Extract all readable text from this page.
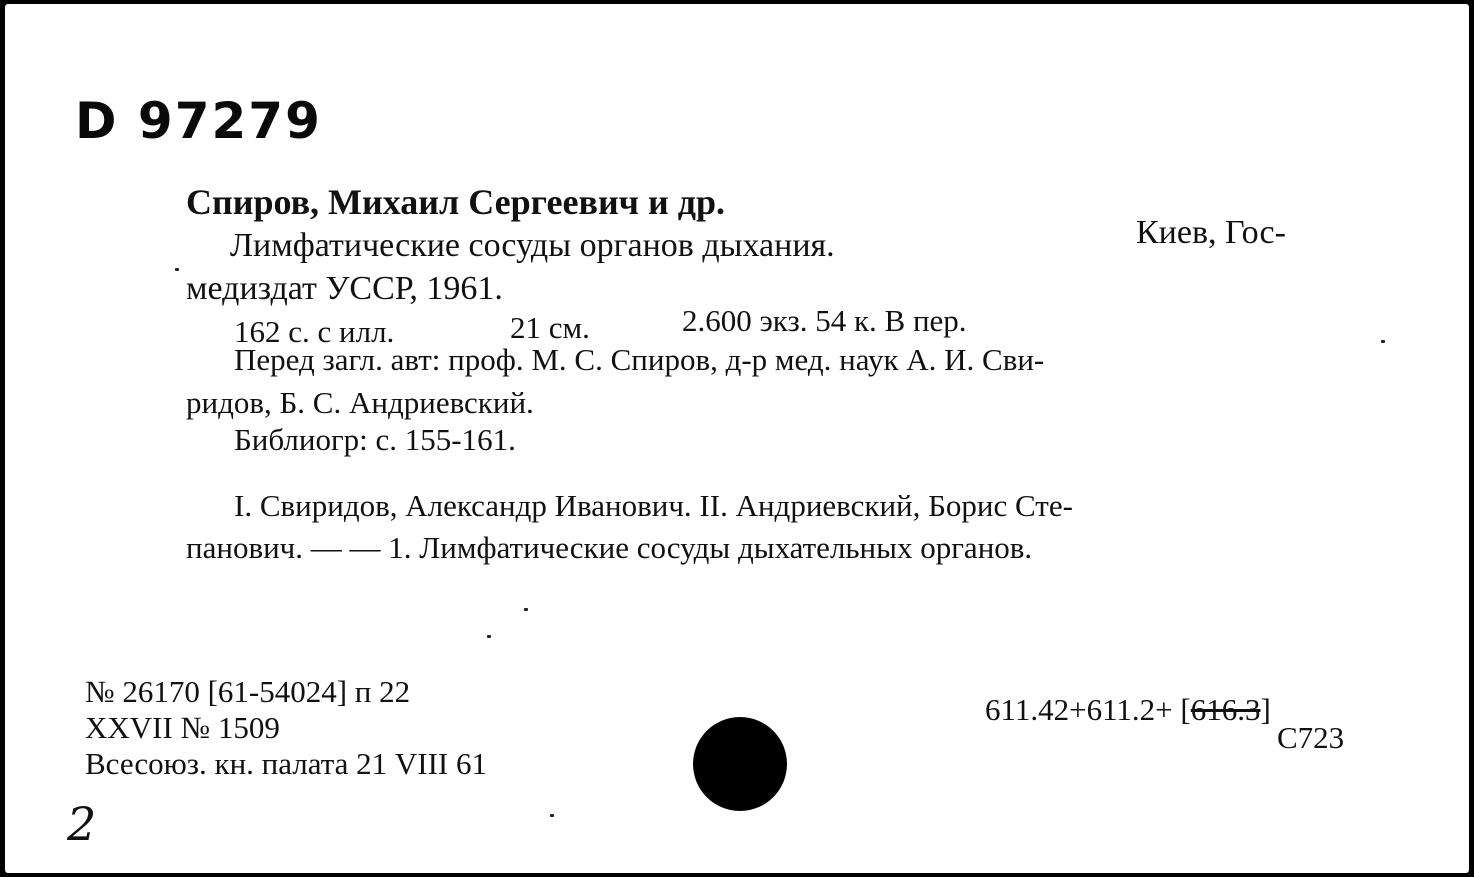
D 97279
Спиров, Михаил Сергеевич и др.
Лимфатические сосуды органов дыхания.	Киев, Гос-
медиздат УССР, 1961.
162 с. с илл.	21 см.	2.600 экз. 54 к. В пер.
Перед загл. авт: проф. М. С. Спиров, д-р мед. наук А. И. Сви-
ридов, Б. С. Андриевский.
Библиогр: с. 155-161.
I. Свиридов, Александр Иванович. II. Андриевский, Борис Сте-
панович. — — 1. Лимфатические сосуды дыхательных органов.
№ 26170 [61-54024] п 22
XXVII № 1509
Всесоюз. кн. палата 21 VIII 61
611.42+611.2+ [616.3]
С723
2
